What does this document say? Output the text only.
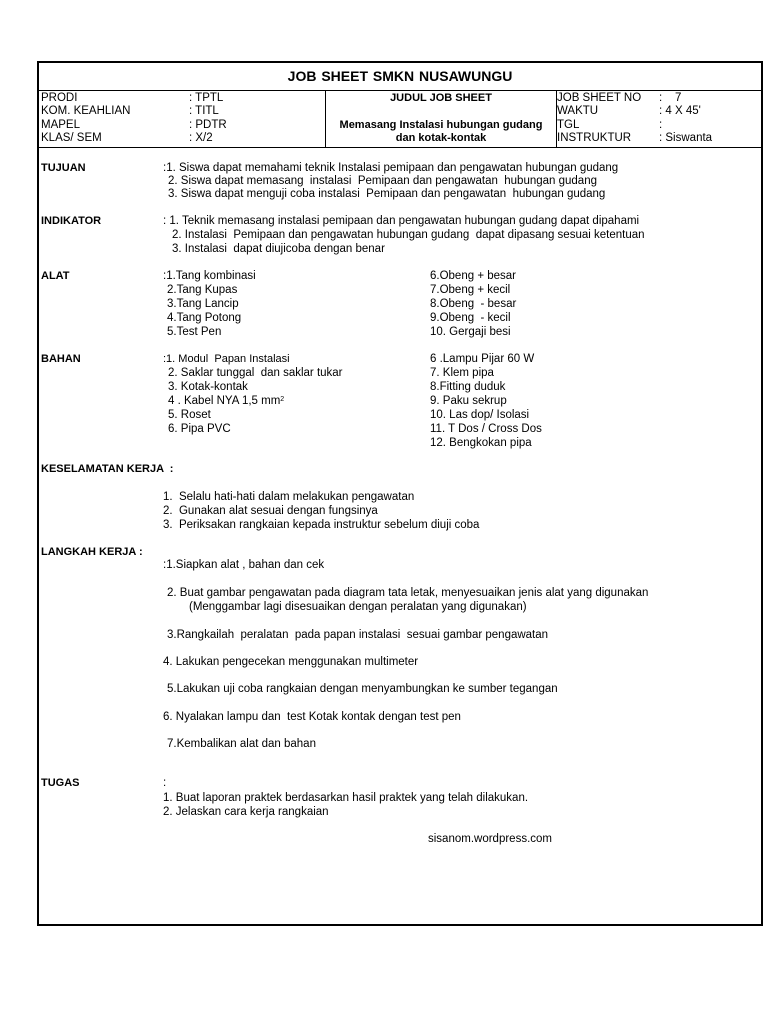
JOB SHEET SMKN NUSAWUNGU
PRODI	: TPTL
KOM. KEAHLIAN	: TITL
MAPEL	: PDTR
KLAS/ SEM	: X/2
JUDUL JOB SHEET
Memasang Instalasi hubungan gudang
dan kotak-kontak
JOB SHEET NO : 7
WAKTU	: 4 X 45'
TGL	:
INSTRUKTUR : Siswanta
TUJUAN	:1. Siswa dapat memahami teknik Instalasi pemipaan dan pengawatan hubungan gudang
2. Siswa dapat memasang  instalasi  Pemipaan dan pengawatan  hubungan gudang
3. Siswa dapat menguji coba instalasi  Pemipaan dan pengawatan  hubungan gudang
INDIKATOR	: 1. Teknik memasang instalasi pemipaan dan pengawatan hubungan gudang dapat dipahami
2. Instalasi  Pemipaan dan pengawatan hubungan gudang  dapat dipasang sesuai ketentuan
3. Instalasi  dapat diujicoba dengan benar
ALAT	:1.Tang kombinasi
2.Tang Kupas
3.Tang Lancip
4.Tang Potong
5.Test Pen
6.Obeng + besar
7.Obeng + kecil
8.Obeng  - besar
9.Obeng  - kecil
10. Gergaji besi
BAHAN	:1. Modul  Papan Instalasi
2. Saklar tunggal  dan saklar tukar
3. Kotak-kontak
4 . Kabel NYA 1,5 $mm^2$
5. Roset
6. Pipa PVC
6 .Lampu Pijar 60 W
7. Klem pipa
8.Fitting duduk
9. Paku sekrup
10. Las dop/ Isolasi
11. T Dos / Cross Dos
12. Bengkokan pipa
KESELAMATAN KERJA  :
1.  Selalu hati-hati dalam melakukan pengawatan
2.  Gunakan alat sesuai dengan fungsinya
3.  Periksakan rangkaian kepada instruktur sebelum diuji coba
LANGKAH KERJA :
:1.Siapkan alat , bahan dan cek
2. Buat gambar pengawatan pada diagram tata letak, menyesuaikan jenis alat yang digunakan
(Menggambar lagi disesuaikan dengan peralatan yang digunakan)
3.Rangkailah  peralatan  pada papan instalasi  sesuai gambar pengawatan
4. Lakukan pengecekan menggunakan multimeter
5.Lakukan uji coba rangkaian dengan menyambungkan ke sumber tegangan
6. Nyalakan lampu dan  test Kotak kontak dengan test pen
7.Kembalikan alat dan bahan
TUGAS	:
1. Buat laporan praktek berdasarkan hasil praktek yang telah dilakukan.
2. Jelaskan cara kerja rangkaian
sisanom.wordpress.com
